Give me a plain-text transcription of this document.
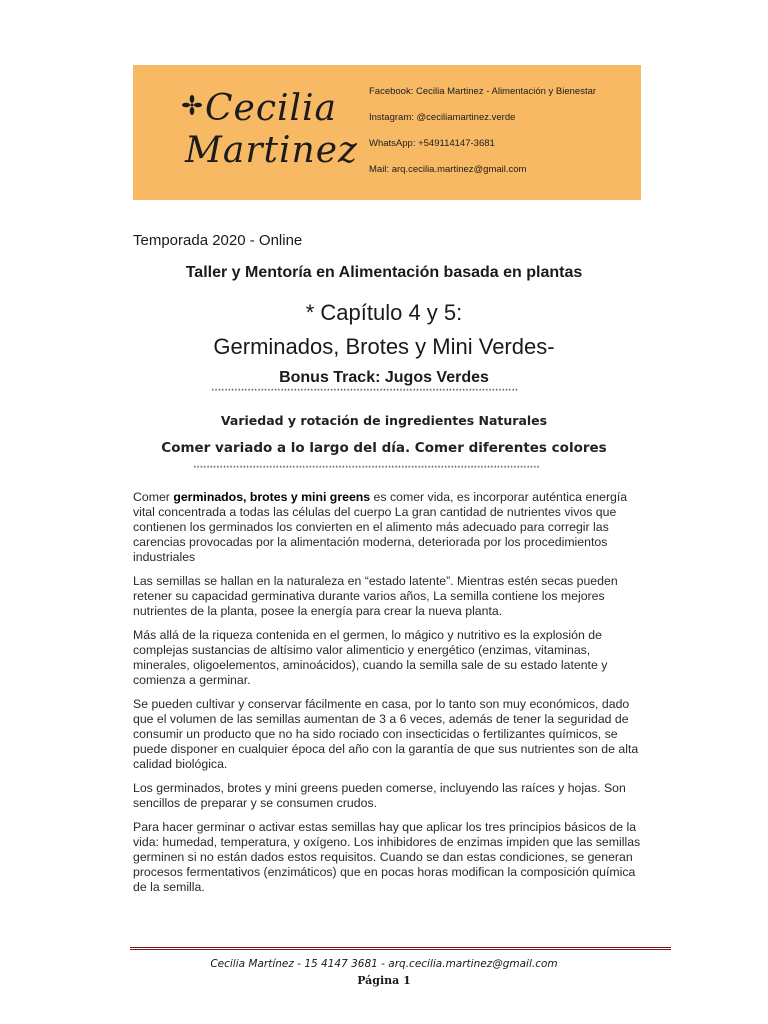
Cecilia
Martinez
Facebook: Cecilia Martinez - Alimentación y Bienestar
Instagram: @ceciliamartinez.verde
WhatsApp: +549114147-3681
Mail: arq.cecilia.martinez@gmail.com
Temporada 2020 - Online
Taller y Mentoría en Alimentación basada en plantas
* Capítulo 4 y 5:
Germinados, Brotes y Mini Verdes-
Bonus Track: Jugos Verdes
*********************************************************************************************
Variedad y rotación de ingredientes Naturales
Comer variado a lo largo del día. Comer diferentes colores
*********************************************************************************************************

Comer germinados, brotes y mini greens es comer vida, es incorporar auténtica energía vital concentrada a todas las células del cuerpo La gran cantidad de nutrientes vivos que contienen los germinados los convierten en el alimento más adecuado para corregir las carencias provocadas por la alimentación moderna, deteriorada por los procedimientos industriales

Las semillas se hallan en la naturaleza en “estado latente”. Mientras estén secas pueden retener su capacidad germinativa durante varios años, La semilla contiene los mejores nutrientes de la planta, posee la energía para crear la nueva planta.

Más allá de la riqueza contenida en el germen, lo mágico y nutritivo es la explosión de complejas sustancias de altísimo valor alimenticio y energético (enzimas, vitaminas, minerales, oligoelementos, aminoácidos), cuando la semilla sale de su estado latente y comienza a germinar.

Se pueden cultivar y conservar fácilmente en casa, por lo tanto son muy económicos, dado que el volumen de las semillas aumentan de 3 a 6 veces, además de tener la seguridad de consumir un producto que no ha sido rociado con insecticidas o fertilizantes químicos, se puede disponer en cualquier época del año con la garantía de que sus nutrientes son de alta calidad biológica.

Los germinados, brotes y mini greens pueden comerse, incluyendo las raíces y hojas. Son sencillos de preparar y se consumen crudos.

Para hacer germinar o activar estas semillas hay que aplicar los tres principios básicos de la vida: humedad, temperatura, y oxígeno. Los inhibidores de enzimas impiden que las semillas germinen si no están dados estos requisitos. Cuando se dan estas condiciones, se generan procesos fermentativos (enzimáticos) que en pocas horas modifican la composición química de la semilla.

Cecilia Martínez - 15 4147 3681 - arq.cecilia.martinez@gmail.com
Página 1
